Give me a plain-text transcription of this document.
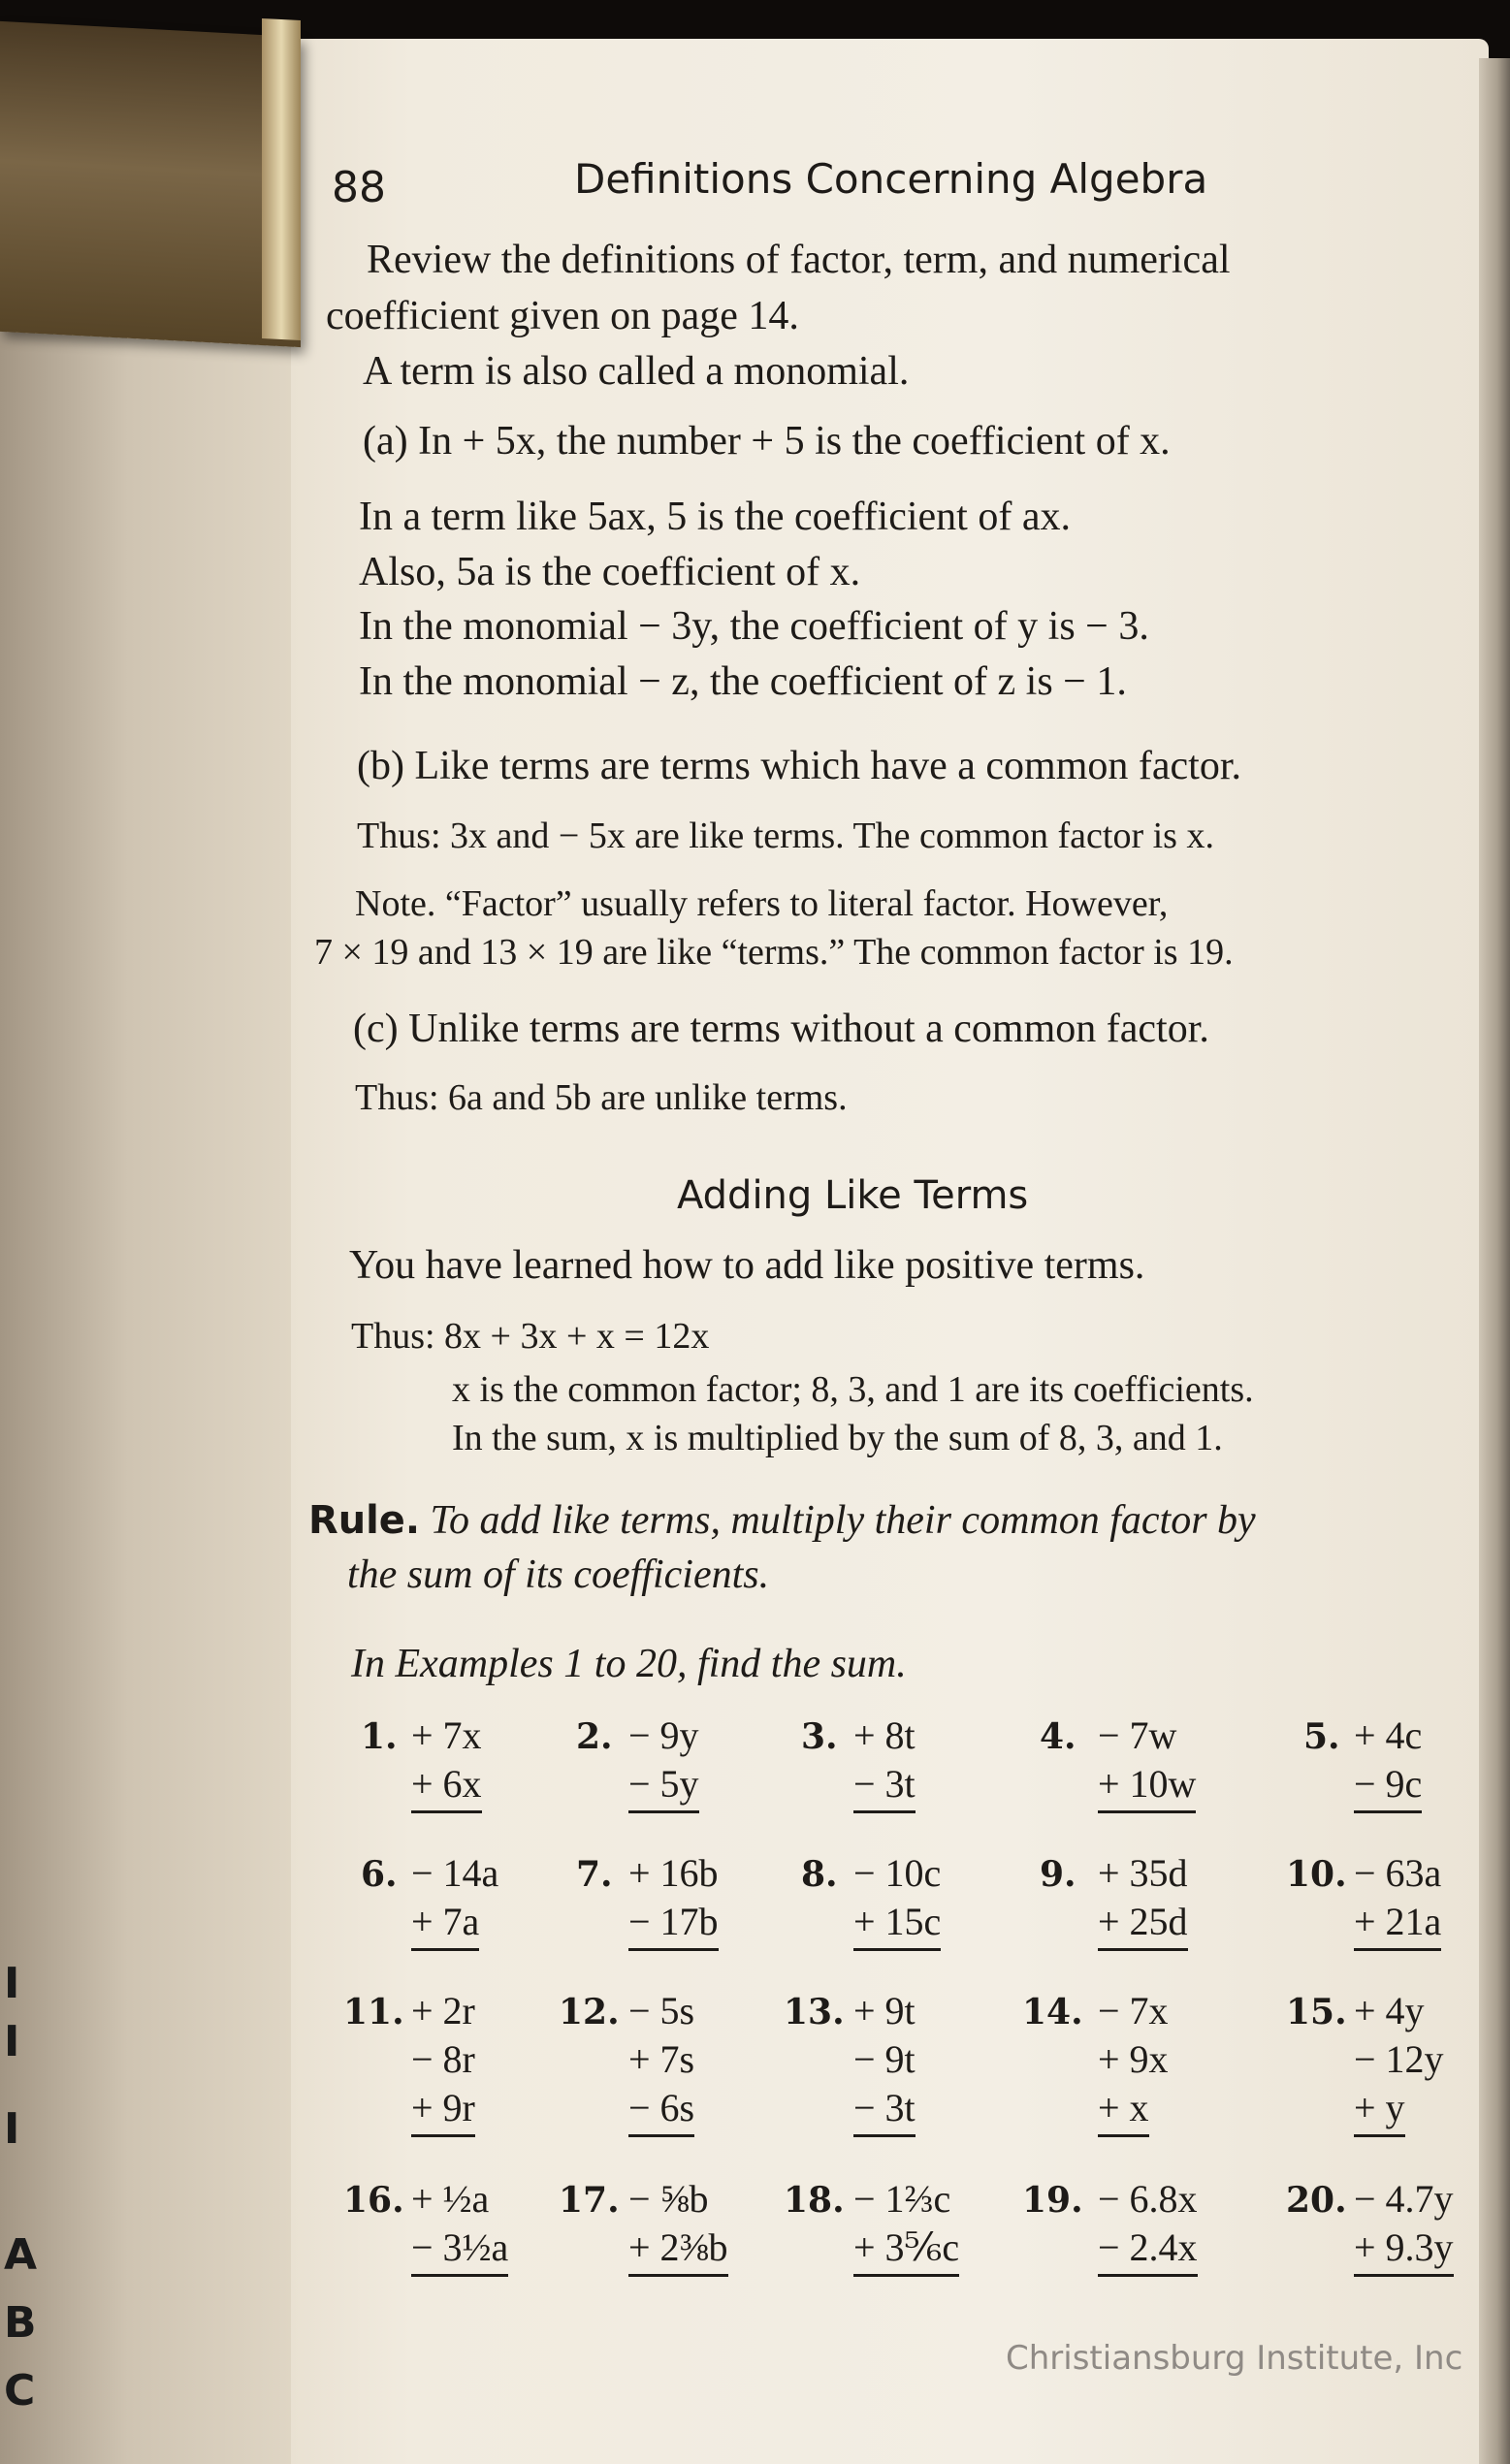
I
I
I
A
B
C
88	Definitions Concerning Algebra
Review the definitions of factor, term, and numerical
coefficient given on page 14.
A term is also called a monomial.
(a) In + 5x, the number + 5 is the coefficient of x.
In a term like 5ax, 5 is the coefficient of ax.
Also, 5a is the coefficient of x.
In the monomial − 3y, the coefficient of y is − 3.
In the monomial − z, the coefficient of z is − 1.
(b) Like terms are terms which have a common factor.
Thus: 3x and − 5x are like terms. The common factor is x.
Note. “Factor” usually refers to literal factor. However,
7 × 19 and 13 × 19 are like “terms.” The common factor is 19.
(c) Unlike terms are terms without a common factor.
Thus: 6a and 5b are unlike terms.
Adding Like Terms
You have learned how to add like positive terms.
Thus: 8x + 3x + x = 12x
x is the common factor; 8, 3, and 1 are its coefficients.
In the sum, x is multiplied by the sum of 8, 3, and 1.
Rule. To add like terms, multiply their common factor by
the sum of its coefficients.
In Examples 1 to 20, find the sum.
1. + 7x
+ 6x
2. − 9y
− 5y
3. + 8t
− 3t
4. − 7w
+ 10w
5. + 4c
− 9c
6. − 14a
+ 7a
7. + 16b
− 17b
8. − 10c
+ 15c
9. + 35d
+ 25d
10. − 63a
+ 21a
11. + 2r
− 8r
+ 9r
12. − 5s
+ 7s
− 6s
13. + 9t
− 9t
− 3t
14. − 7x
+ 9x
+ x
15. + 4y
− 12y
+ y
16. + ½a
− 3½a
17. − ⅝b
+ 2⅜b
18. − 1⅔c
+ 3⅚c
19. − 6.8x
− 2.4x
20. − 4.7y
+ 9.3y
Christiansburg Institute, Inc
